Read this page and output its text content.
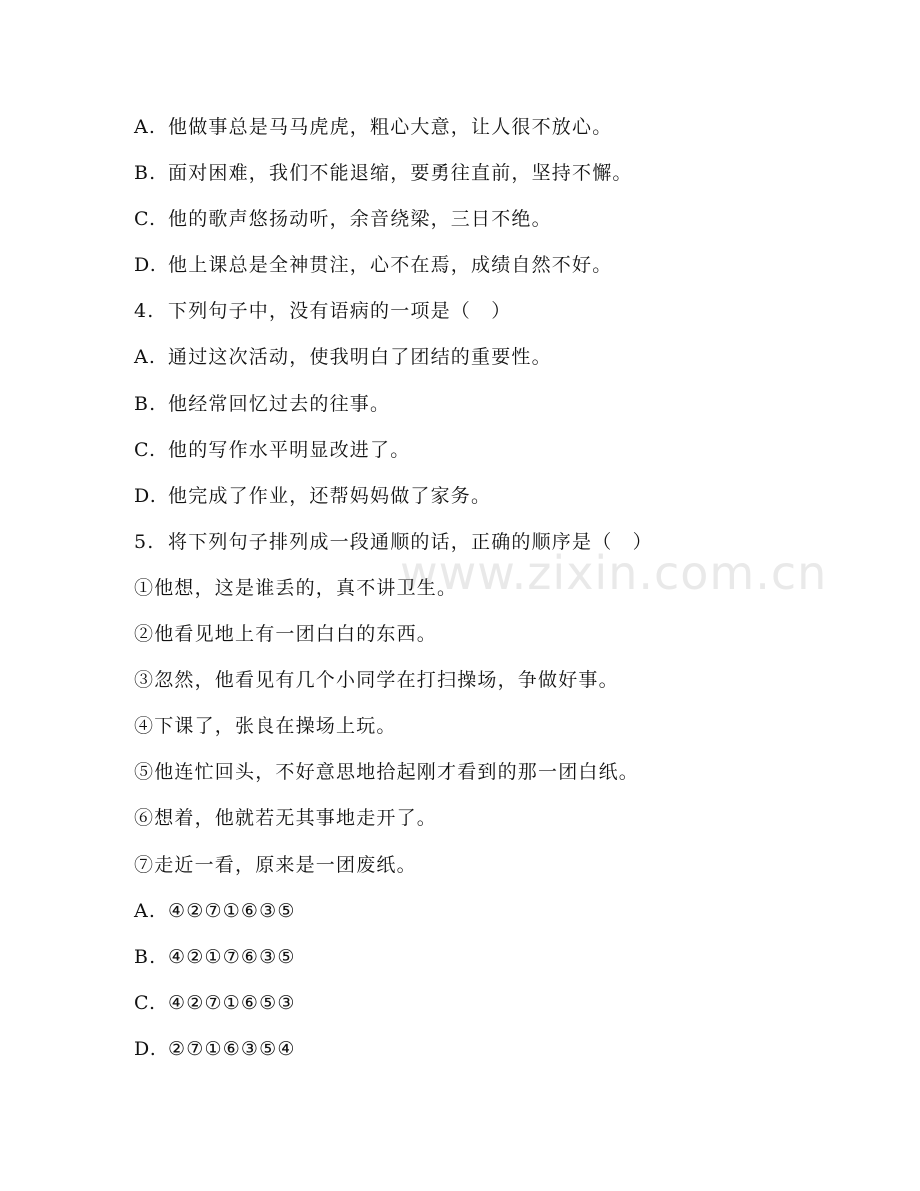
www.zixin.com.cn
A. 他做事总是马马虎虎，粗心大意，让人很不放心。
B. 面对困难，我们不能退缩，要勇往直前，坚持不懈。
C. 他的歌声悠扬动听，余音绕梁，三日不绝。
D. 他上课总是全神贯注，心不在焉，成绩自然不好。
4. 下列句子中，没有语病的一项是（　）
A. 通过这次活动，使我明白了团结的重要性。
B. 他经常回忆过去的往事。
C. 他的写作水平明显改进了。
D. 他完成了作业，还帮妈妈做了家务。
5. 将下列句子排列成一段通顺的话，正确的顺序是（　）
①他想，这是谁丢的，真不讲卫生。
②他看见地上有一团白白的东西。
③忽然，他看见有几个小同学在打扫操场，争做好事。
④下课了，张良在操场上玩。
⑤他连忙回头，不好意思地拾起刚才看到的那一团白纸。
⑥想着，他就若无其事地走开了。
⑦走近一看，原来是一团废纸。
A. ④②⑦①⑥③⑤
B. ④②①⑦⑥③⑤
C. ④②⑦①⑥⑤③
D. ②⑦①⑥③⑤④
